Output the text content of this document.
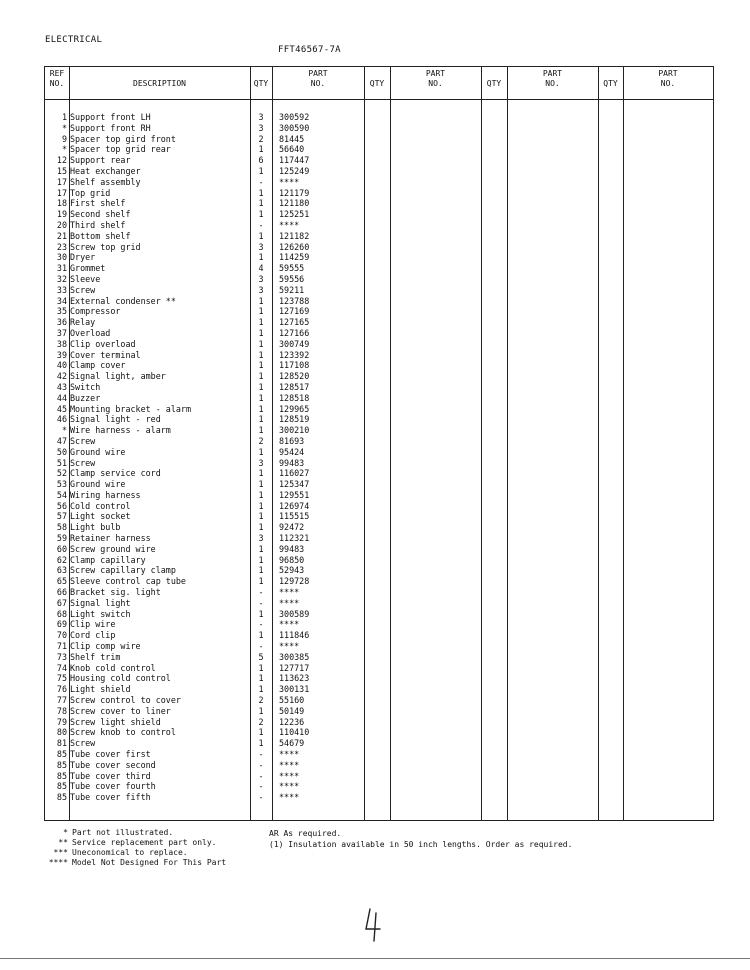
ELECTRICAL
FFT46567-7A
REF
NO.	DESCRIPTION	QTY
PART
NO.	QTY
PART
NO.	QTY
PART
NO.	QTY
PART
NO.
1 Support front LH	3	300592
* Support front RH	3	300590
9 Spacer top gird front	2	81445
* Spacer top grid rear	1	56640
12 Support rear	6	117447
15 Heat exchanger	1	125249
17 Shelf assembly	-	****
17 Top grid	1	121179
18 First shelf	1	121180
19 Second shelf	1	125251
20 Third shelf	-	****
21 Bottom shelf	1	121182
23 Screw top grid	3	126260
30 Dryer	1	114259
31 Grommet	4	59555
32 Sleeve	3	59556
33 Screw	3	59211
34 External condenser **	1	123788
35 Compressor	1	127169
36 Relay	1	127165
37 Overload	1	127166
38 Clip overload	1	300749
39 Cover terminal	1	123392
40 Clamp cover	1	117108
42 Signal light, amber	1	128520
43 Switch	1	128517
44 Buzzer	1	128518
45 Mounting bracket - alarm	1	129965
46 Signal light - red	1	128519
* Wire harness - alarm	1	300210
47 Screw	2	81693
50 Ground wire	1	95424
51 Screw	3	99483
52 Clamp service cord	1	116027
53 Ground wire	1	125347
54 Wiring harness	1	129551
56 Cold control	1	126974
57 Light socket	1	115515
58 Light bulb	1	92472
59 Retainer harness	3	112321
60 Screw ground wire	1	99483
62 Clamp capillary	1	96850
63 Screw capillary clamp	1	52943
65 Sleeve control cap tube	1	129728
66 Bracket sig. light	-	****
67 Signal light	-	****
68 Light switch	1	300589
69 Clip wire	-	****
70 Cord clip	1	111846
71 Clip comp wire	-	****
73 Shelf trim	5	300385
74 Knob cold control	1	127717
75 Housing cold control	1	113623
76 Light shield	1	300131
77 Screw control to cover	2	55160
78 Screw cover to liner	1	50149
79 Screw light shield	2	12236
80 Screw knob to control	1	110410
81 Screw	1	54679
85 Tube cover first	-	****
85 Tube cover second	-	****
85 Tube cover third	-	****
85 Tube cover fourth	-	****
85 Tube cover fifth	-	****
* Part not illustrated.
** Service replacement part only.
*** Uneconomical to replace.
**** Model Not Designed For This Part
AR As required.
(1) Insulation available in 50 inch lengths. Order as required.
4
